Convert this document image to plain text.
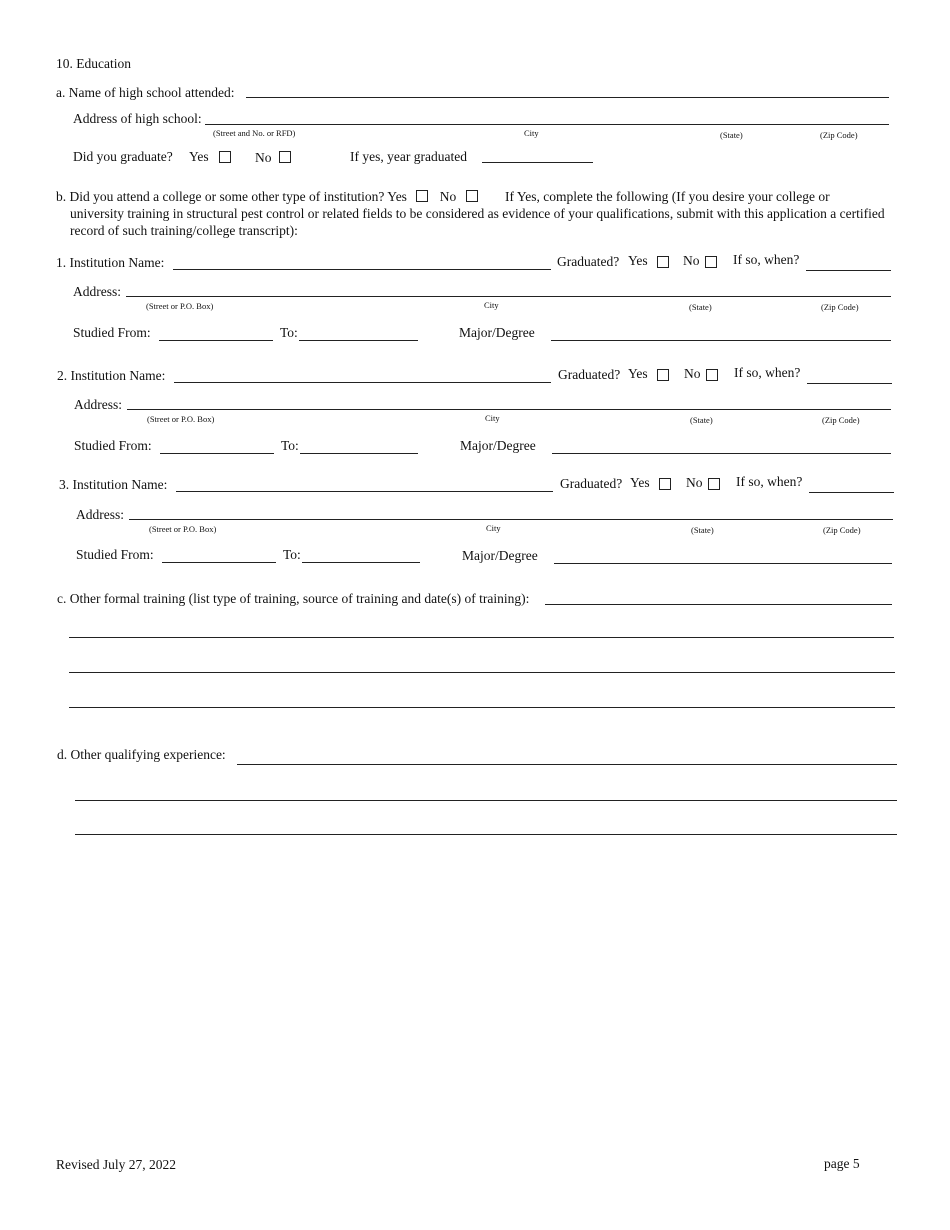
10. Education
a. Name of high school attended:
Address of high school:
(Street and No. or RFD)	City	(State)	(Zip Code)
Did you graduate? Yes	No	If yes, year graduated
b. Did you attend a college or some other type of institution? Yes No	If Yes, complete the following (If you desire your college or
university training in structural pest control or related fields to be considered as evidence of your qualifications, submit with this application a certified record of such training/college transcript):
1. Institution Name:	Graduated? Yes	No If so, when?
Address:
(Street or P.O. Box)	City	(State)	(Zip Code)
Studied From:	To:	Major/Degree
2. Institution Name:	Graduated? Yes	No If so, when?
Address:
(Street or P.O. Box)	City	(State)	(Zip Code)
Studied From:	To:	Major/Degree
3. Institution Name:	Graduated? Yes	No If so, when?
Address:
(Street or P.O. Box)	City	(State)	(Zip Code)
Studied From:	To:	Major/Degree
c. Other formal training (list type of training, source of training and date(s) of training):
d. Other qualifying experience:
Revised July 27, 2022	page 5
